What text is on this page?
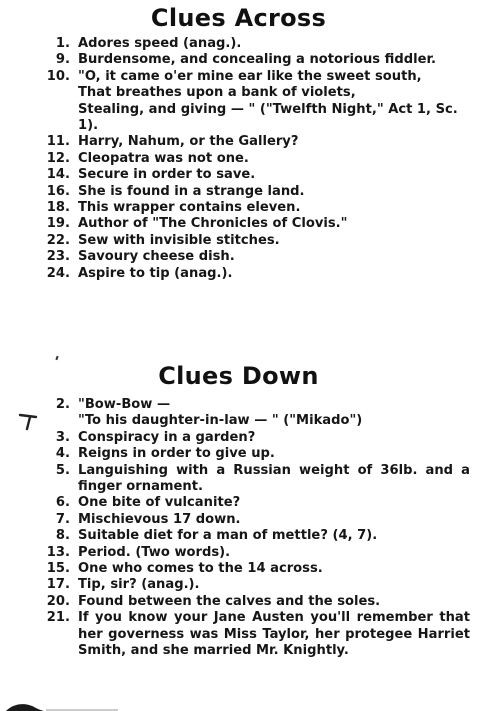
Clues Across
1. Adores speed (anag.).
9. Burdensome, and concealing a notorious fiddler.
10. "O, it came o'er mine ear like the sweet south,
That breathes upon a bank of violets,
Stealing, and giving — " ("Twelfth Night," Act 1, Sc. 1).
11. Harry, Nahum, or the Gallery?
12. Cleopatra was not one.
14. Secure in order to save.
16. She is found in a strange land.
18. This wrapper contains eleven.
19. Author of "The Chronicles of Clovis."
22. Sew with invisible stitches.
23. Savoury cheese dish.
24. Aspire to tip (anag.).
Clues Down
2. "Bow-Bow —
"To his daughter-in-law — " ("Mikado")
3. Conspiracy in a garden?
4. Reigns in order to give up.
5. Languishing with a Russian weight of 36lb. and a finger ornament.
6. One bite of vulcanite?
7. Mischievous 17 down.
8. Suitable diet for a man of mettle? (4, 7).
13. Period. (Two words).
15. One who comes to the 14 across.
17. Tip, sir? (anag.).
20. Found between the calves and the soles.
21. If you know your Jane Austen you'll remember that her governess was Miss Taylor, her protegee Harriet Smith, and she married Mr. Knightly.
